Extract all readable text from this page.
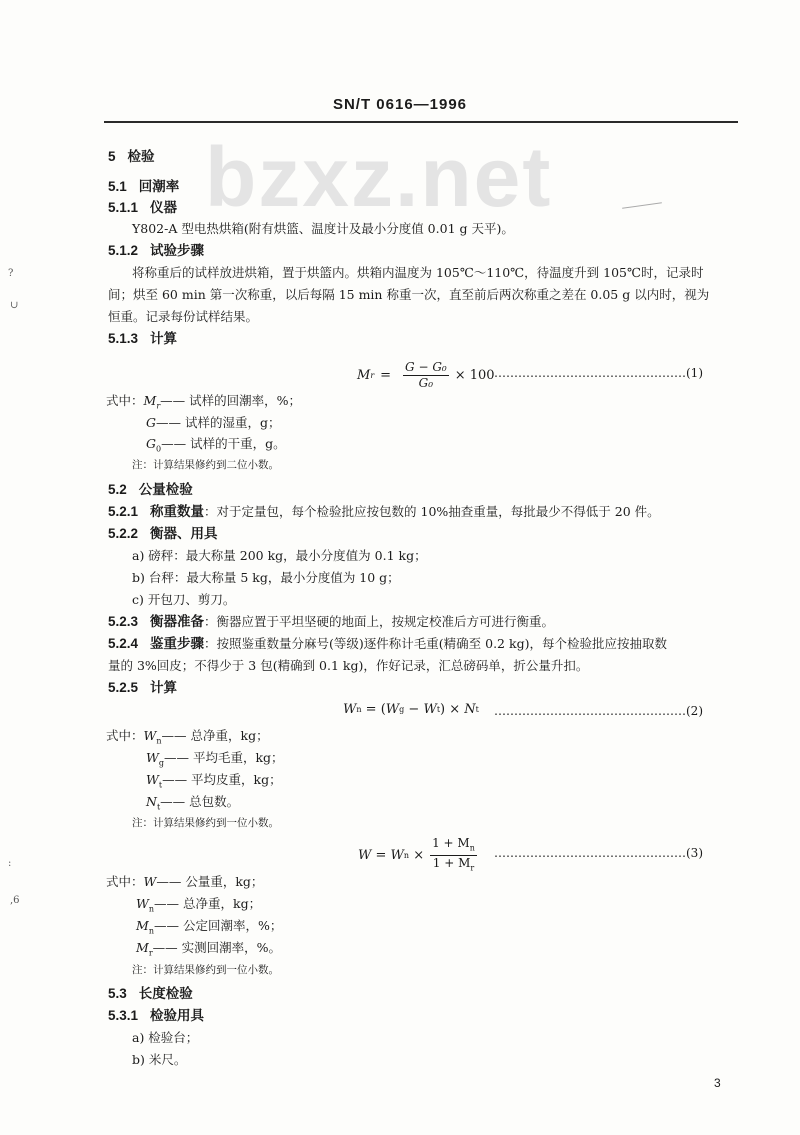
SN/T 0616—1996
bzxz.net
?
∪
:
,6
5 检验
5.1 回潮率
5.1.1 仪器
Y802-A 型电热烘箱(附有烘篮、温度计及最小分度值 0.01 g 天平)。
5.1.2 试验步骤
将称重后的试样放进烘箱，置于烘篮内。烘箱内温度为 105℃～110℃，待温度升到 105℃时，记录时
间；烘至 60 min 第一次称重，以后每隔 15 min 称重一次，直至前后两次称重之差在 0.05 g 以内时，视为
恒重。记录每份试样结果。
5.1.3 计算
M $r = \frac{\text{G − G₀}}{\text{G₀}} \times 100$ …………………………………………(1)
式中：$M_r——$ 试样的回潮率，%；
G—— 试样的湿重，g；
$G_0——$ 试样的干重，g。
注：计算结果修约到二位小数。
5.2 公量检验
5.2.1 称重数量：对于定量包，每个检验批应按包数的 10%抽查重量，每批最少不得低于 20 件。
5.2.2 衡器、用具
a) 磅秤：最大称量 200 kg，最小分度值为 0.1 kg；
b) 台秤：最大称量 5 kg，最小分度值为 10 g；
c) 开包刀、剪刀。
5.2.3 衡器准备：衡器应置于平坦坚硬的地面上，按规定校准后方可进行衡重。
5.2.4 鉴重步骤：按照鉴重数量分麻号(等级)逐件称计毛重(精确至 0.2 kg)，每个检验批应按抽取数
量的 3%回皮；不得少于 3 包(精确到 0.1 kg)，作好记录，汇总磅码单，折公量升扣。
5.2.5 计算
W n = ( W g − W t ) × N t …………………………………………(2)
式中：$W_n——$ 总净重，kg；
$W_g——$ 平均毛重，kg；
$W_t——$ 平均皮重，kg；
$N_t——$ 总包数。
注：计算结果修约到一位小数。
W = W $n \times \frac{1 + M_n}{1 + M_r}$ …………………………………………(3)
式中：W—— 公量重，kg；
$W_n——$ 总净重，kg；
$M_n——$ 公定回潮率，%；
$M_r——$ 实测回潮率，%。
注：计算结果修约到一位小数。
5.3 长度检验
5.3.1 检验用具
a) 检验台；
b) 米尺。
3
